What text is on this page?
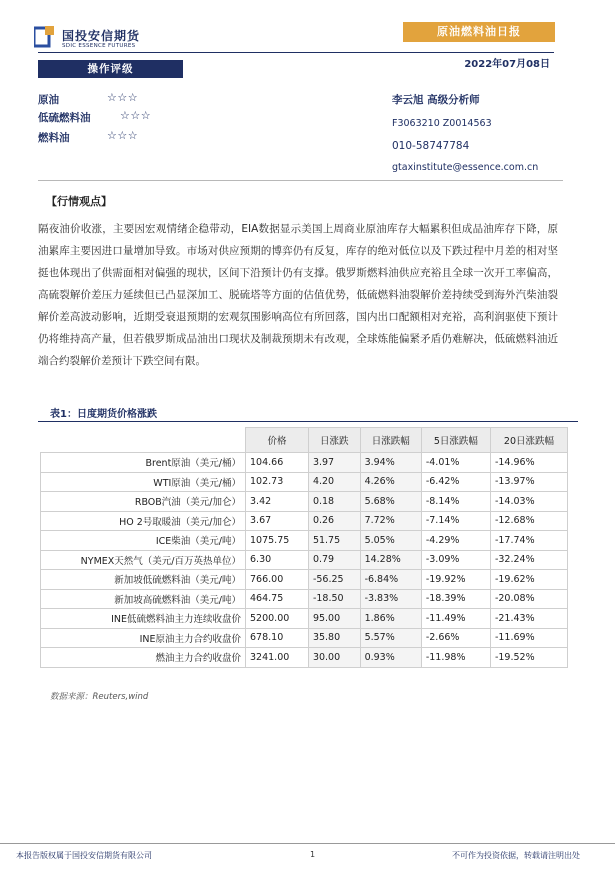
国投安信期货
SDIC ESSENCE FUTURES
原油燃料油日报
2022年07月08日
操作评级
原油	☆☆☆
低硫燃料油	☆☆☆
燃料油	☆☆☆
李云旭 高级分析师
F3063210 Z0014563
010-58747784
gtaxinstitute@essence.com.cn
【行情观点】
隔夜油价收涨，主要因宏观情绪企稳带动，EIA数据显示美国上周商业原油库存大幅累积但成品油库存下降，原油累库主要因进口量增加导致。市场对供应预期的博弈仍有反复，库存的绝对低位以及下跌过程中月差的相对坚挺也体现出了供需面相对偏强的现状，区间下沿预计仍有支撑。俄罗斯燃料油供应充裕且全球一次开工率偏高，高硫裂解价差压力延续但已凸显深加工、脱硫塔等方面的估值优势，低硫燃料油裂解价差持续受到海外汽柴油裂解价差高波动影响，近期受衰退预期的宏观氛围影响高位有所回落，国内出口配额相对充裕，高利润驱使下预计仍将维持高产量，但若俄罗斯成品油出口现状及制裁预期未有改观，全球炼能偏紧矛盾仍难解决，低硫燃料油近端合约裂解价差预计下跌空间有限。
表1：日度期货价格涨跌
	价格	日涨跌	日涨跌幅	5日涨跌幅	20日涨跌幅
Brent原油（美元/桶）	104.66	3.97	3.94%	-4.01%	-14.96%
WTI原油（美元/桶）	102.73	4.20	4.26%	-6.42%	-13.97%
RBOB汽油（美元/加仑）	3.42	0.18	5.68%	-8.14%	-14.03%
HO 2号取暖油（美元/加仑）	3.67	0.26	7.72%	-7.14%	-12.68%
ICE柴油（美元/吨）	1075.75	51.75	5.05%	-4.29%	-17.74%
NYMEX天然气（美元/百万英热单位）	6.30	0.79	14.28%	-3.09%	-32.24%
新加坡低硫燃料油（美元/吨）	766.00	-56.25	-6.84%	-19.92%	-19.62%
新加坡高硫燃料油（美元/吨）	464.75	-18.50	-3.83%	-18.39%	-20.08%
INE低硫燃料油主力连续收盘价	5200.00	95.00	1.86%	-11.49%	-21.43%
INE原油主力合约收盘价	678.10	35.80	5.57%	-2.66%	-11.69%
燃油主力合约收盘价	3241.00	30.00	0.93%	-11.98%	-19.52%
数据来源：Reuters,wind
本报告版权属于国投安信期货有限公司	1	不可作为投资依据，转载请注明出处
